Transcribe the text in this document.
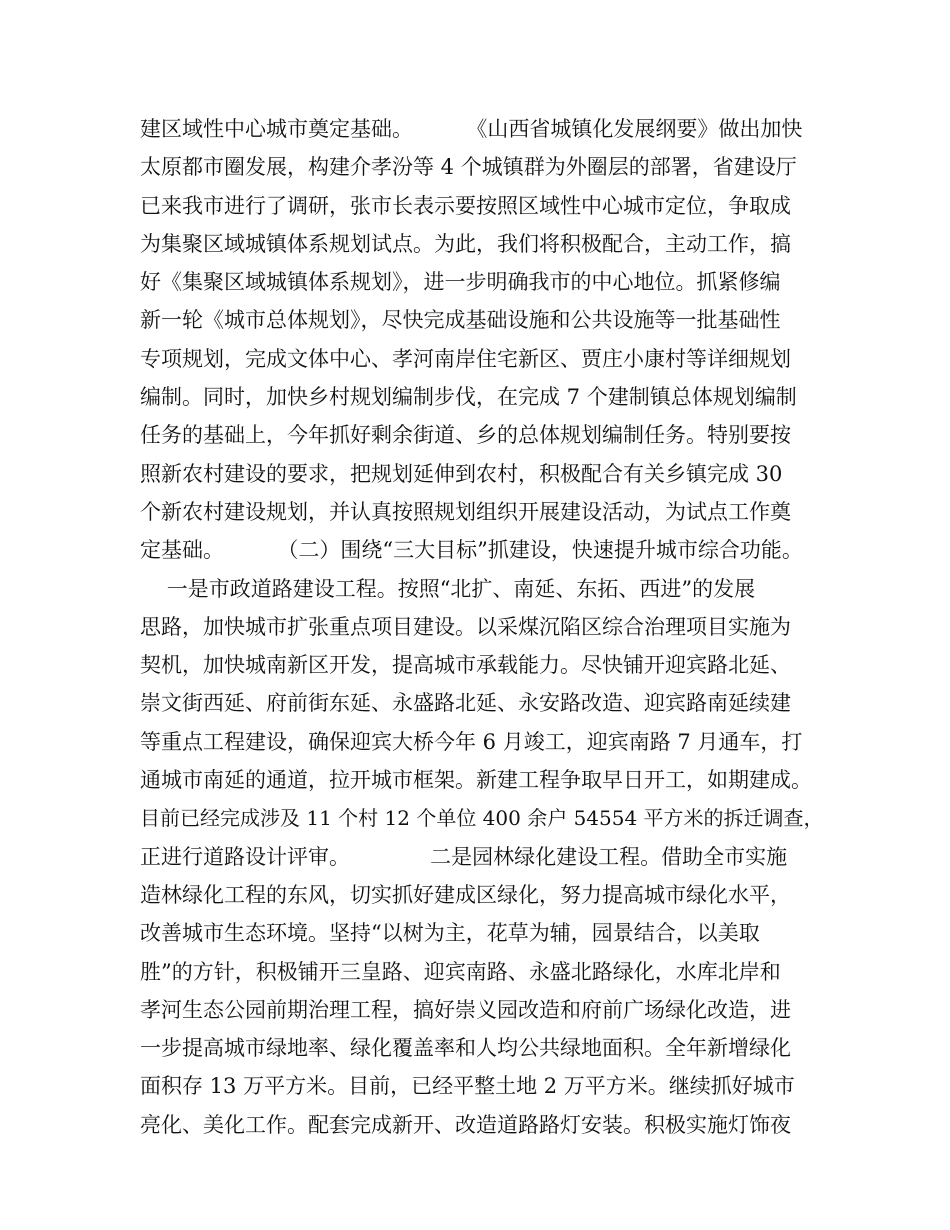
建区域性中心城市奠定基础。        《山西省城镇化发展纲要》做出加快
太原都市圈发展，构建介孝汾等 4 个城镇群为外圈层的部署，省建设厅
已来我市进行了调研，张市长表示要按照区域性中心城市定位，争取成
为集聚区域城镇体系规划试点。为此，我们将积极配合，主动工作，搞
好《集聚区域城镇体系规划》，进一步明确我市的中心地位。抓紧修编
新一轮《城市总体规划》，尽快完成基础设施和公共设施等一批基础性
专项规划，完成文体中心、孝河南岸住宅新区、贾庄小康村等详细规划
编制。同时，加快乡村规划编制步伐，在完成 7 个建制镇总体规划编制
任务的基础上，今年抓好剩余街道、乡的总体规划编制任务。特别要按
照新农村建设的要求，把规划延伸到农村，积极配合有关乡镇完成 30
个新农村建设规划，并认真按照规划组织开展建设活动，为试点工作奠
定基础。        （二）围绕“三大目标”抓建设，快速提升城市综合功能。
一是市政道路建设工程。按照“北扩、南延、东拓、西进”的发展
思路，加快城市扩张重点项目建设。以采煤沉陷区综合治理项目实施为
契机，加快城南新区开发，提高城市承载能力。尽快铺开迎宾路北延、
崇文街西延、府前街东延、永盛路北延、永安路改造、迎宾路南延续建
等重点工程建设，确保迎宾大桥今年 6 月竣工，迎宾南路 7 月通车，打
通城市南延的通道，拉开城市框架。新建工程争取早日开工，如期建成。
目前已经完成涉及 11 个村 12 个单位 400 余户 54554 平方米的拆迁调查，
正进行道路设计评审。            二是园林绿化建设工程。借助全市实施
造林绿化工程的东风，切实抓好建成区绿化，努力提高城市绿化水平，
改善城市生态环境。坚持“以树为主，花草为辅，园景结合，以美取
胜”的方针，积极铺开三皇路、迎宾南路、永盛北路绿化，水库北岸和
孝河生态公园前期治理工程，搞好崇义园改造和府前广场绿化改造，进
一步提高城市绿地率、绿化覆盖率和人均公共绿地面积。全年新增绿化
面积存 13 万平方米。目前，已经平整土地 2 万平方米。继续抓好城市
亮化、美化工作。配套完成新开、改造道路路灯安装。积极实施灯饰夜
